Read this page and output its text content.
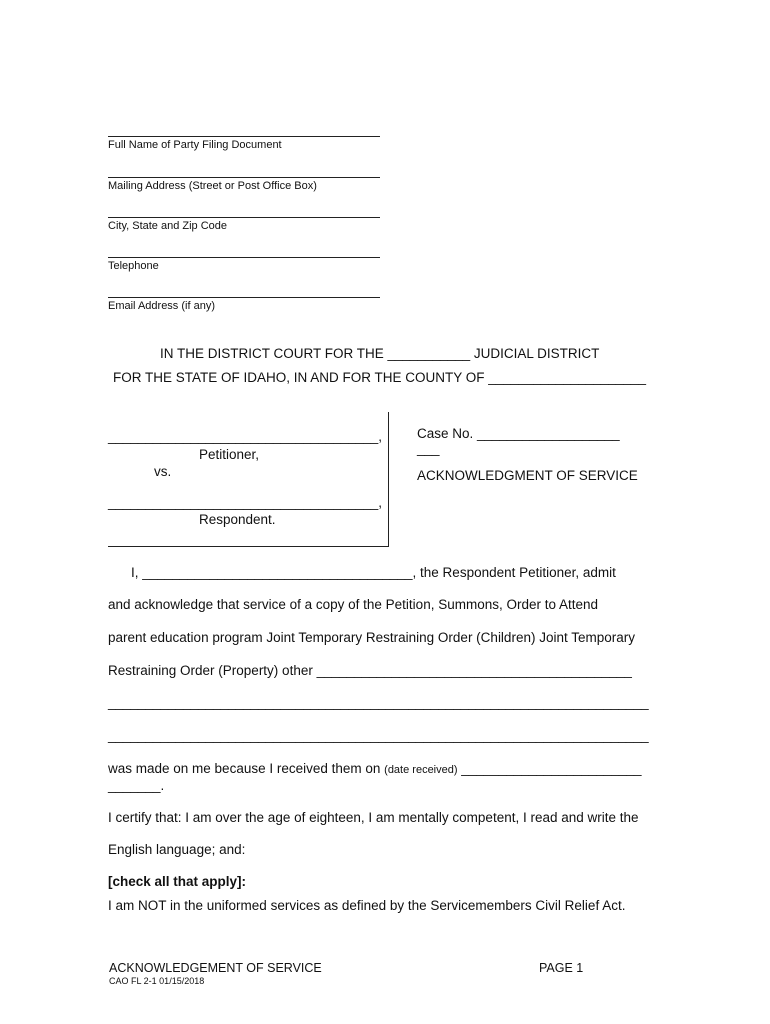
Full Name of Party Filing Document
Mailing Address (Street or Post Office Box)
City, State and Zip Code
Telephone
Email Address (if any)
IN THE DISTRICT COURT FOR THE ___________ JUDICIAL DISTRICT
FOR THE STATE OF IDAHO, IN AND FOR THE COUNTY OF _____________________
____________________________________,
Petitioner,
vs.
____________________________________,
Respondent.
Case No. ___________________
___
ACKNOWLEDGMENT OF SERVICE
I, ____________________________________, the Respondent Petitioner, admit
and acknowledge that service of a copy of the Petition, Summons, Order to Attend
parent education program Joint Temporary Restraining Order (Children) Joint Temporary
Restraining Order (Property) other __________________________________________
________________________________________________________________________
________________________________________________________________________
was made on me because I received them on (date received) ________________________
_______.
I certify that: I am over the age of eighteen, I am mentally competent, I read and write the
English language; and:
[check all that apply]:
I am NOT in the uniformed services as defined by the Servicemembers Civil Relief Act.
ACKNOWLEDGEMENT OF SERVICE	PAGE 1
CAO FL 2-1 01/15/2018
